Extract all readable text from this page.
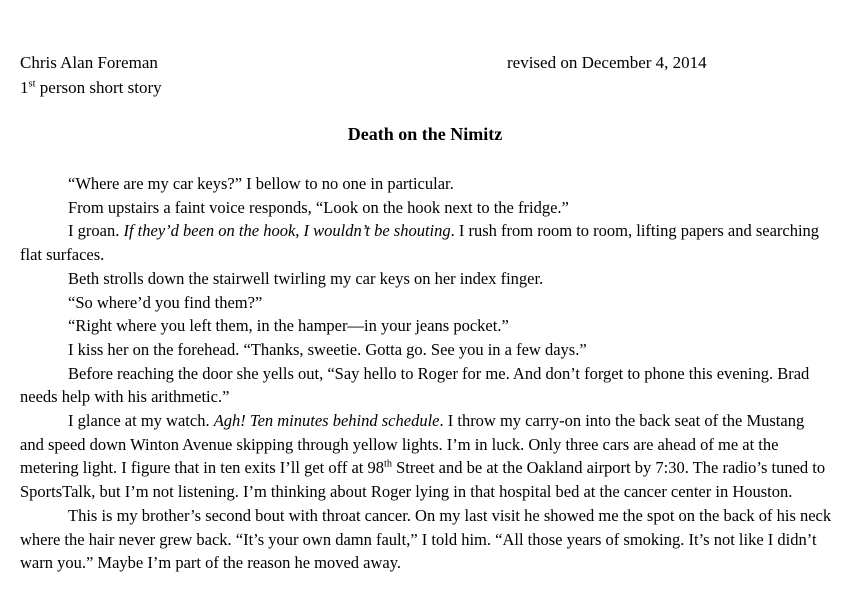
Chris Alan Foreman	revised on December 4, 2014
1st person short story
Death on the Nimitz

“Where are my car keys?” I bellow to no one in particular.

From upstairs a faint voice responds, “Look on the hook next to the fridge.”

I groan. If they’d been on the hook, I wouldn’t be shouting. I rush from room to room, lifting papers and searching flat surfaces.

Beth strolls down the stairwell twirling my car keys on her index finger.

“So where’d you find them?”

“Right where you left them, in the hamper—in your jeans pocket.”

I kiss her on the forehead. “Thanks, sweetie. Gotta go. See you in a few days.”

Before reaching the door she yells out, “Say hello to Roger for me. And don’t forget to phone this evening. Brad needs help with his arithmetic.”

I glance at my watch. Agh! Ten minutes behind schedule. I throw my carry-on into the back seat of the Mustang and speed down Winton Avenue skipping through yellow lights. I’m in luck. Only three cars are ahead of me at the metering light. I figure that in ten exits I’ll get off at 98th Street and be at the Oakland airport by 7:30. The radio’s tuned to SportsTalk, but I’m not listening. I’m thinking about Roger lying in that hospital bed at the cancer center in Houston.

This is my brother’s second bout with throat cancer. On my last visit he showed me the spot on the back of his neck where the hair never grew back. “It’s your own damn fault,” I told him. “All those years of smoking. It’s not like I didn’t warn you.” Maybe I’m part of the reason he moved away.
